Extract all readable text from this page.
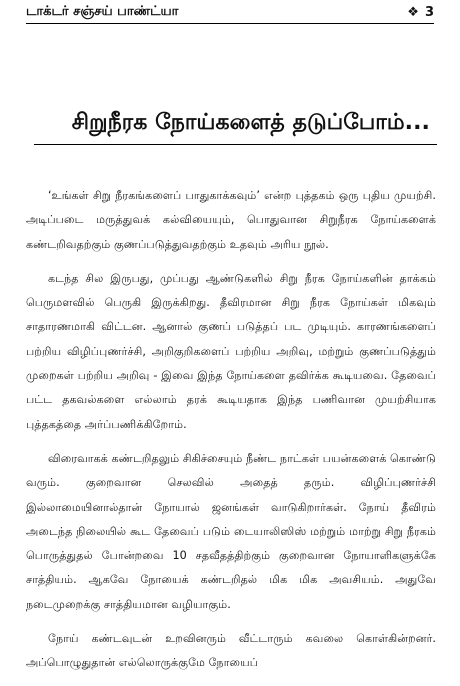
டாக்டர் சஞ்சய் பாண்ட்யா	❖ 3
சிறுநீரக நோய்களைத் தடுப்போம்...

‘உங்கள் சிறு நீரகங்களைப் பாதுகாக்கவும்’ என்ற புத்தகம் ஒரு புதிய முயற்சி. அடிப்படை மருத்துவக் கல்வியையும், பொதுவான சிறுநீரக நோய்களைக் கண்டறிவதற்கும் குணப்படுத்துவதற்கும் உதவும் அரிய நூல்.

கடந்த சில இருபது, முப்பது ஆண்டுகளில் சிறு நீரக நோய்களின் தாக்கம் பெருமளவில் பெருகி இருக்கிறது. தீவிரமான சிறு நீரக நோய்கள் மிகவும் சாதாரணமாகி விட்டன. ஆனால் குணப் படுத்தப் பட முடியும். காரணங்களைப் பற்றிய விழிப்புணர்ச்சி, அறிகுறிகளைப் பற்றிய அறிவு, மற்றும் குணப்படுத்தும் முறைகள் பற்றிய அறிவு - இவை இந்த நோய்களை தவிர்க்க கூடியவை. தேவைப் பட்ட தகவல்களை எல்லாம் தரக் கூடியதாக இந்த பணிவான முயற்சியாக புத்தகத்தை அர்ப்பணிக்கிறோம்.

விரைவாகக் கண்டறிதலும் சிகிச்சையும் நீண்ட நாட்கள் பயன்களைக் கொண்டு வரும். குறைவான செலவில் அதைத் தரும். விழிப்புணர்ச்சி இல்லாமையினால்தான் நோயால் ஜனங்கள் வாடுகிறார்கள். நோய் தீவிரம் அடைந்த நிலையில் கூட தேவைப் படும் டையாலிஸிஸ் மற்றும் மாற்று சிறு நீரகம் பொருத்துதல் போன்றவை 10 சதவீதத்திற்கும் குறைவான நோயாளிகளுக்கே சாத்தியம். ஆகவே நோயைக் கண்டறிதல் மிக மிக அவசியம். அதுவே நடைமுறைக்கு சாத்தியமான வழியாகும்.

நோய் கண்டவுடன் உறவினரும் வீட்டாரும் கவலை கொள்கின்றனர். அப்பொழுதுதான் எல்லொருக்குமே நோயைப்
